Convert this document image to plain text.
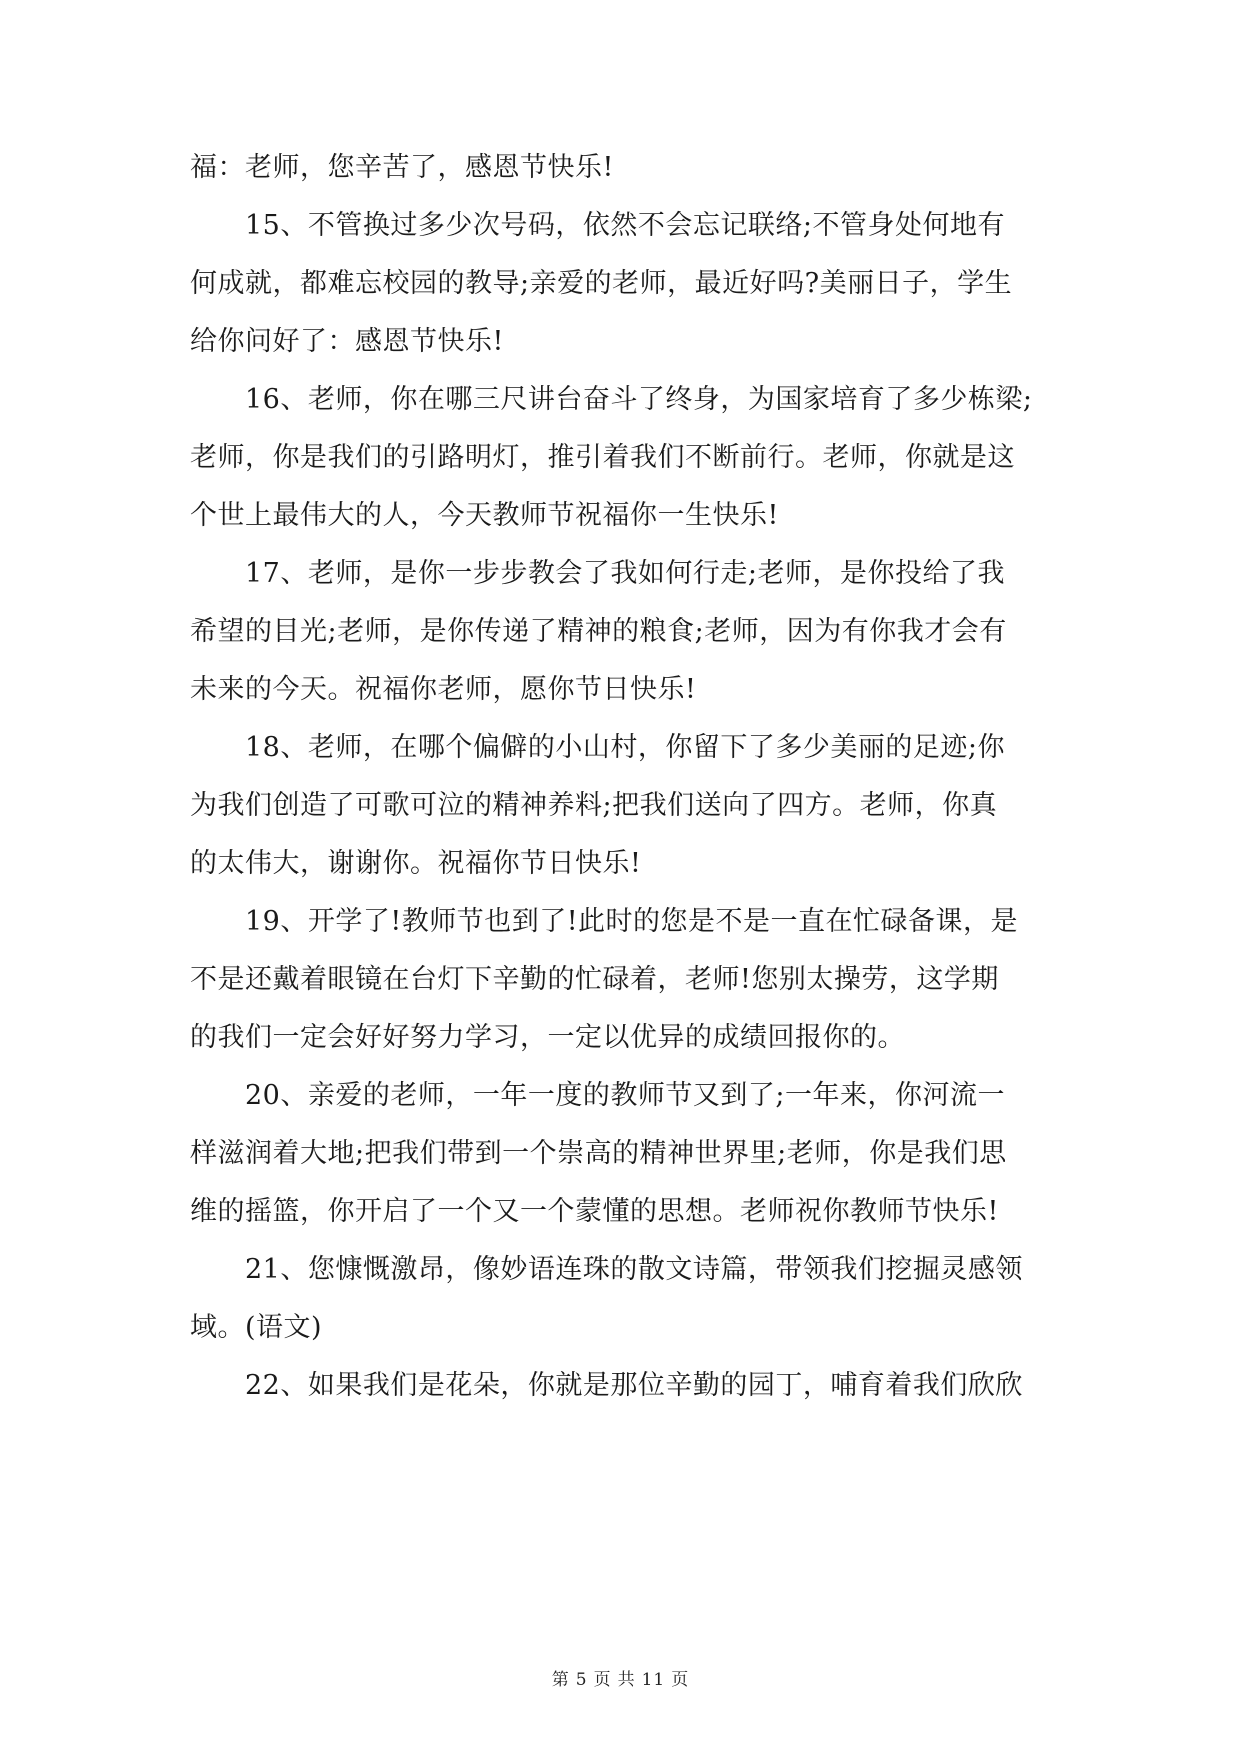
福：老师，您辛苦了，感恩节快乐!
15、不管换过多少次号码，依然不会忘记联络;不管身处何地有
何成就，都难忘校园的教导;亲爱的老师，最近好吗?美丽日子，学生
给你问好了：感恩节快乐!
16、老师，你在哪三尺讲台奋斗了终身，为国家培育了多少栋梁;
老师，你是我们的引路明灯，推引着我们不断前行。老师，你就是这
个世上最伟大的人，今天教师节祝福你一生快乐!
17、老师，是你一步步教会了我如何行走;老师，是你投给了我
希望的目光;老师，是你传递了精神的粮食;老师，因为有你我才会有
未来的今天。祝福你老师，愿你节日快乐!
18、老师，在哪个偏僻的小山村，你留下了多少美丽的足迹;你
为我们创造了可歌可泣的精神养料;把我们送向了四方。老师，你真
的太伟大，谢谢你。祝福你节日快乐!
19、开学了!教师节也到了!此时的您是不是一直在忙碌备课，是
不是还戴着眼镜在台灯下辛勤的忙碌着，老师!您别太操劳，这学期
的我们一定会好好努力学习，一定以优异的成绩回报你的。
20、亲爱的老师，一年一度的教师节又到了;一年来，你河流一
样滋润着大地;把我们带到一个崇高的精神世界里;老师，你是我们思
维的摇篮，你开启了一个又一个蒙懂的思想。老师祝你教师节快乐!
21、您慷慨激昂，像妙语连珠的散文诗篇，带领我们挖掘灵感领
域。(语文)
22、如果我们是花朵，你就是那位辛勤的园丁，哺育着我们欣欣
第 5 页 共 11 页
